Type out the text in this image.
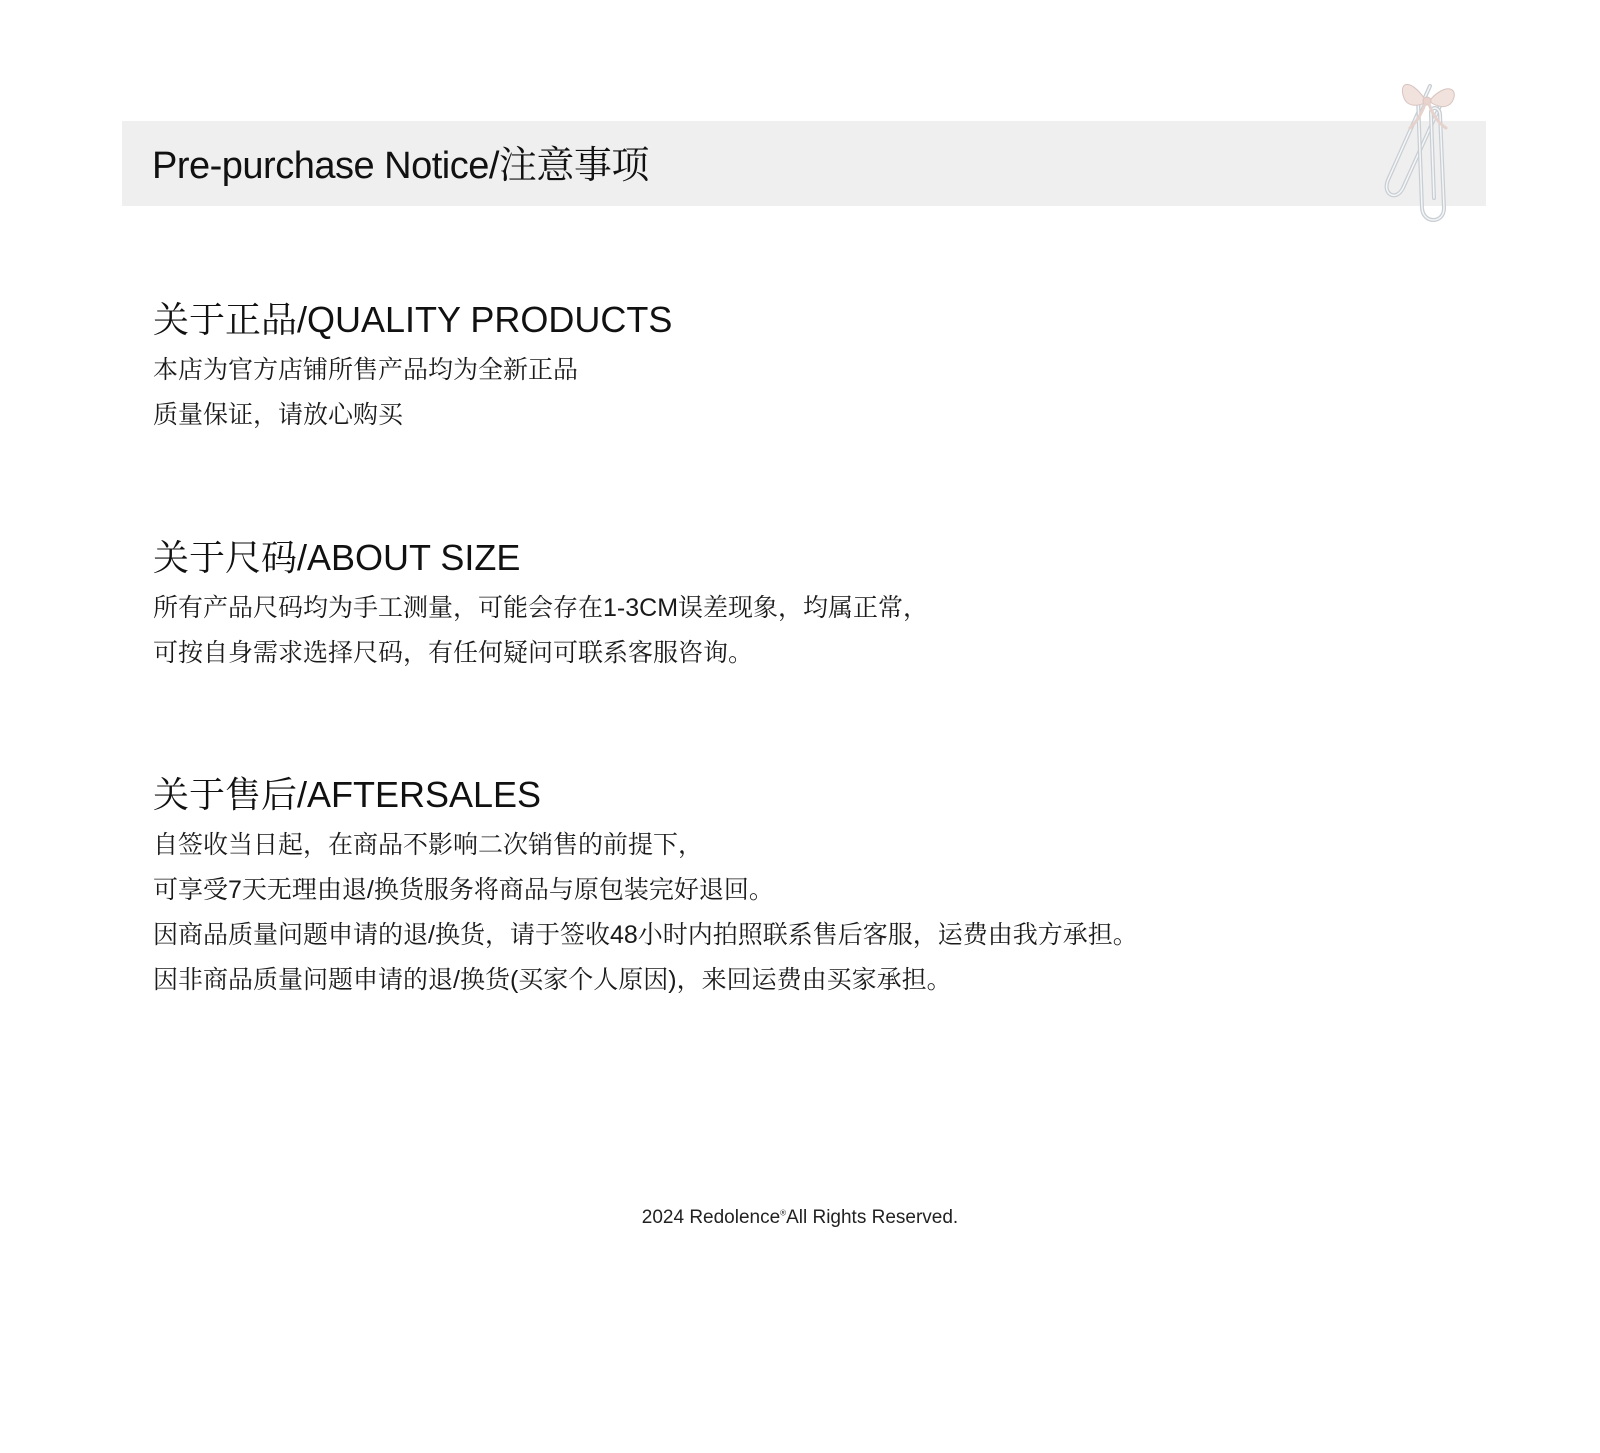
Pre-purchase Notice/注意事项
关于正品/QUALITY PRODUCTS
本店为官方店铺所售产品均为全新正品
质量保证，请放心购买
关于尺码/ABOUT SIZE
所有产品尺码均为手工测量，可能会存在1-3CM误差现象，均属正常，
可按自身需求选择尺码，有任何疑问可联系客服咨询。
关于售后/AFTERSALES
自签收当日起，在商品不影响二次销售的前提下，
可享受7天无理由退/换货服务将商品与原包装完好退回。
因商品质量问题申请的退/换货，请于签收48小时内拍照联系售后客服，运费由我方承担。
因非商品质量问题申请的退/换货(买家个人原因)，来回运费由买家承担。
2024 Redolence®All Rights Reserved.
